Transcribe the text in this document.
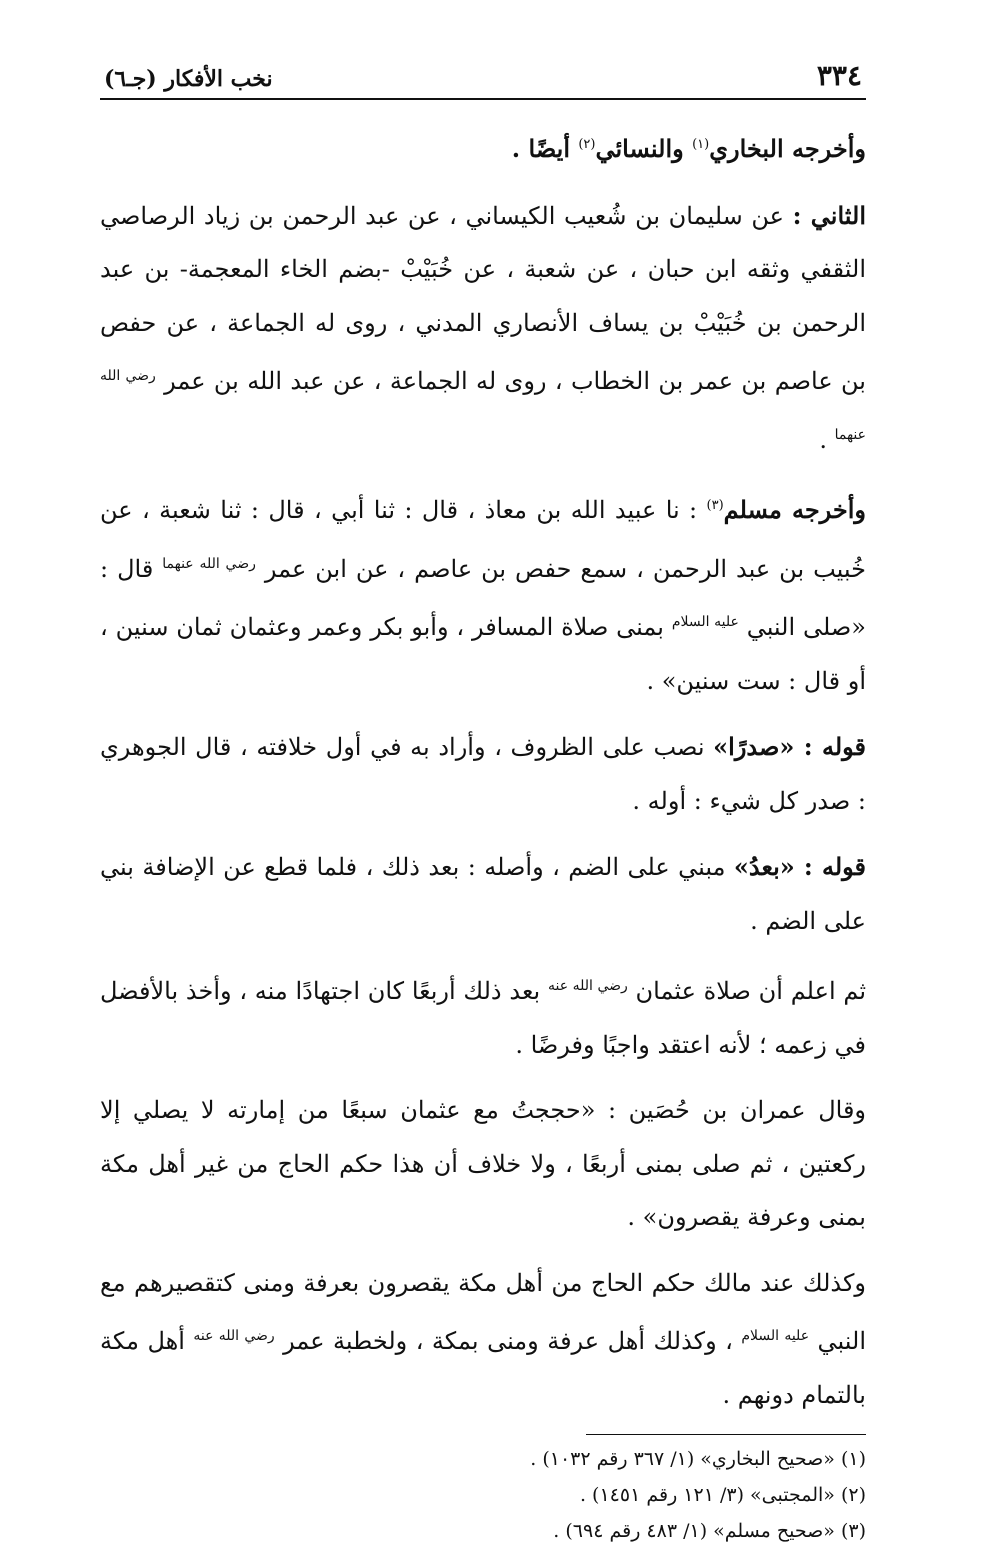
٣٣٤
نخب الأفكار (جـ٦)

وأخرجه البخاري$^{(١)}$ والنسائي$^{(٢)}$ أيضًا .

الثاني : عن سليمان بن شُعيب الكيساني ، عن عبد الرحمن بن زياد الرصاصي الثقفي وثقه ابن حبان ، عن شعبة ، عن خُبَيْبْ -بضم الخاء المعجمة- بن عبد الرحمن بن خُبَيْبْ بن يساف الأنصاري المدني ، روى له الجماعة ، عن حفص بن عاصم بن عمر بن الخطاب ، روى له الجماعة ، عن عبد الله بن عمر $^{رضي الله عنهما}$ .

وأخرجه مسلم$^{(٣)}$ : نا عبيد الله بن معاذ ، قال : ثنا أبي ، قال : ثنا شعبة ، عن خُبيب بن عبد الرحمن ، سمع حفص بن عاصم ، عن ابن عمر $^{رضي الله عنهما}$ قال : «صلى النبي $^{عليه السلام}$ بمنى صلاة المسافر ، وأبو بكر وعمر وعثمان ثمان سنين ، أو قال : ست سنين» .

قوله : «صدرًا» نصب على الظروف ، وأراد به في أول خلافته ، قال الجوهري : صدر كل شيء : أوله .

قوله : «بعدُ» مبني على الضم ، وأصله : بعد ذلك ، فلما قطع عن الإضافة بني على الضم .

ثم اعلم أن صلاة عثمان $^{رضي الله عنه}$ بعد ذلك أربعًا كان اجتهادًا منه ، وأخذ بالأفضل في زعمه ؛ لأنه اعتقد واجبًا وفرضًا .

وقال عمران بن حُصَين : «حججتُ مع عثمان سبعًا من إمارته لا يصلي إلا ركعتين ، ثم صلى بمنى أربعًا ، ولا خلاف أن هذا حكم الحاج من غير أهل مكة بمنى وعرفة يقصرون» .

وكذلك عند مالك حكم الحاج من أهل مكة يقصرون بعرفة ومنى كتقصيرهم مع النبي $^{عليه السلام}$ ، وكذلك أهل عرفة ومنى بمكة ، ولخطبة عمر $^{رضي الله عنه}$ أهل مكة بالتمام دونهم .

(١) «صحيح البخاري» (١/ ٣٦٧ رقم ١٠٣٢) .

(٢) «المجتبى» (٣/ ١٢١ رقم ١٤٥١) .

(٣) «صحيح مسلم» (١/ ٤٨٣ رقم ٦٩٤) .
